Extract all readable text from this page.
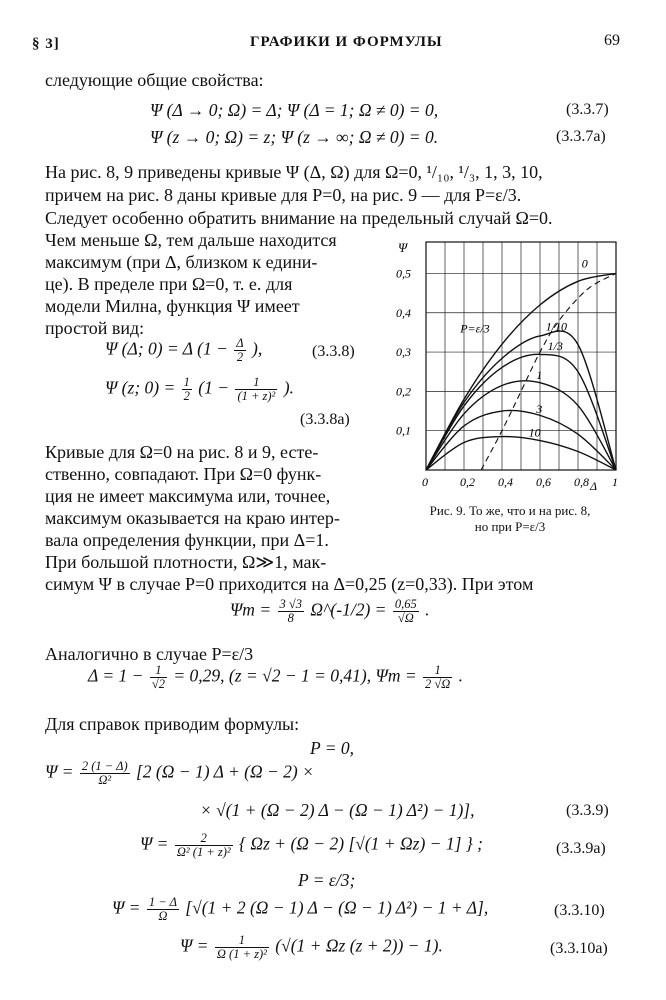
§ 3]	ГРАФИКИ И ФОРМУЛЫ	69
следующие общие свойства:
Ψ (Δ → 0; Ω) = Δ; Ψ (Δ = 1; Ω ≠ 0) = 0,	(3.3.7)
Ψ (z → 0; Ω) = z; Ψ (z → ∞; Ω ≠ 0) = 0.	(3.3.7а)
На рис. 8, 9 приведены кривые Ψ (Δ, Ω) для Ω=0, ¹/₁₀, ¹/₃, 1, 3, 10,
причем на рис. 8 даны кривые для P=0, на рис. 9 — для P=ε/3.
Следует особенно обратить внимание на предельный случай Ω=0.
Чем меньше Ω, тем дальше находится
максимум (при Δ, близком к едини-
це). В пределе при Ω=0, т. е. для
модели Милна, функция Ψ имеет
простой вид:
Ψ (Δ; 0) = Δ ($1 - \frac{\Delta}{2}$ ),	(3.3.8)
Ψ (z; $0) = \frac{1}{2} (1 - \frac{1}{\text{(1 + z)²}}$ ).
(3.3.8а)
Кривые для Ω=0 на рис. 8 и 9, есте-
ственно, совпадают. При Ω=0 функ-
ция не имеет максимума или, точнее,
максимум оказывается на краю интер-
вала определения функции, при Δ=1.
При большой плотности, Ω≫1, мак-
симум Ψ в случае P=0 приходится на Δ=0,25 (z=0,33). При этом
0	0,2 0,4 0,6 0,8 1
0,1
0,2
0,3
0,4
0,5
Ψ
Δ
P=ε/3
0
1/10
1/3
1
3
10
Рис. 9. То же, что и на рис. 8,
но при P=ε/3
$\Psi m = \frac{3 √3}{8}$ Ω^(-1/2) = $\frac{0,65}{√\Omega}$ .
Аналогично в случае P=ε/3
$\Delta = 1 - \frac{1}{√2} = 0,29$, (z = √2 − 1 = 0,41), $\Psi m = \frac{1}{2 √\Omega}$ .
Для справок приводим формулы:
P = 0,
$\Psi = \frac{2 (1 - \Delta)}{\text{Ω²}} [2$ (Ω − 1) Δ + (Ω − 2) ×
× √(1 + (Ω − 2) Δ − (Ω − 1) Δ²) − 1)],	(3.3.9)
$\Psi = \frac{2}{\text{Ω² (1 + z)²}}$ { Ωz + (Ω − 2) [√(1 + Ωz) − 1] } ;	(3.3.9а)
P = ε/3;
$\Psi = \frac{1 - \Delta}{\Omega} [√(1 + 2$ (Ω − 1) Δ − (Ω − 1) Δ²) − 1 + Δ],	(3.3.10)
$\Psi = \frac{1}{\text{Ω (1 + z)²}} (√(1 + \Omega z$ (z + 2)) − 1).	(3.3.10а)
